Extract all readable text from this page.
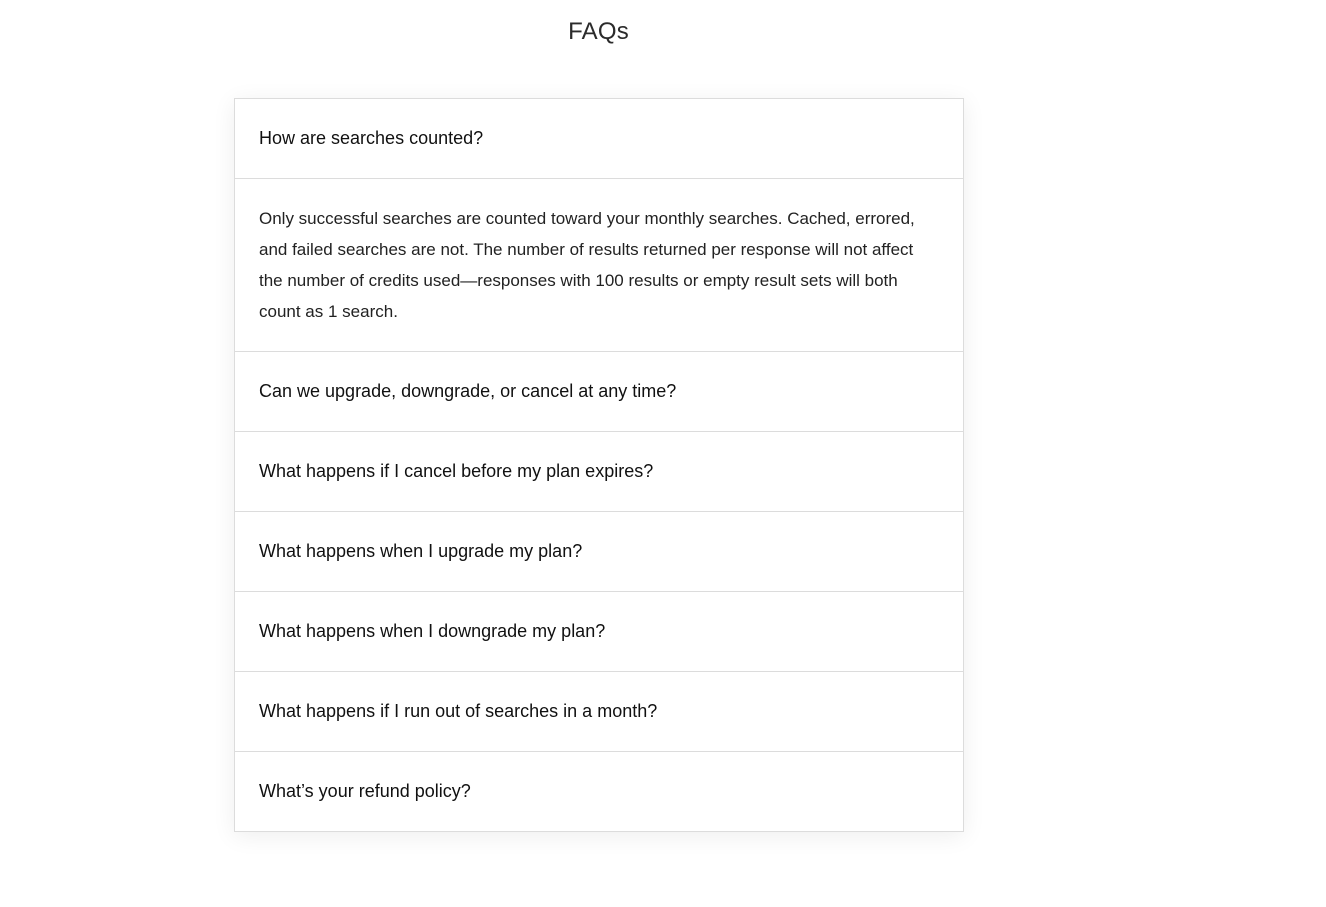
FAQs
How are searches counted?

Only successful searches are counted toward your monthly searches. Cached, errored, and failed searches are not. The number of results returned per response will not affect the number of credits used—responses with 100 results or empty result sets will both count as 1 search.

Can we upgrade, downgrade, or cancel at any time?
What happens if I cancel before my plan expires?
What happens when I upgrade my plan?
What happens when I downgrade my plan?
What happens if I run out of searches in a month?
What’s your refund policy?
